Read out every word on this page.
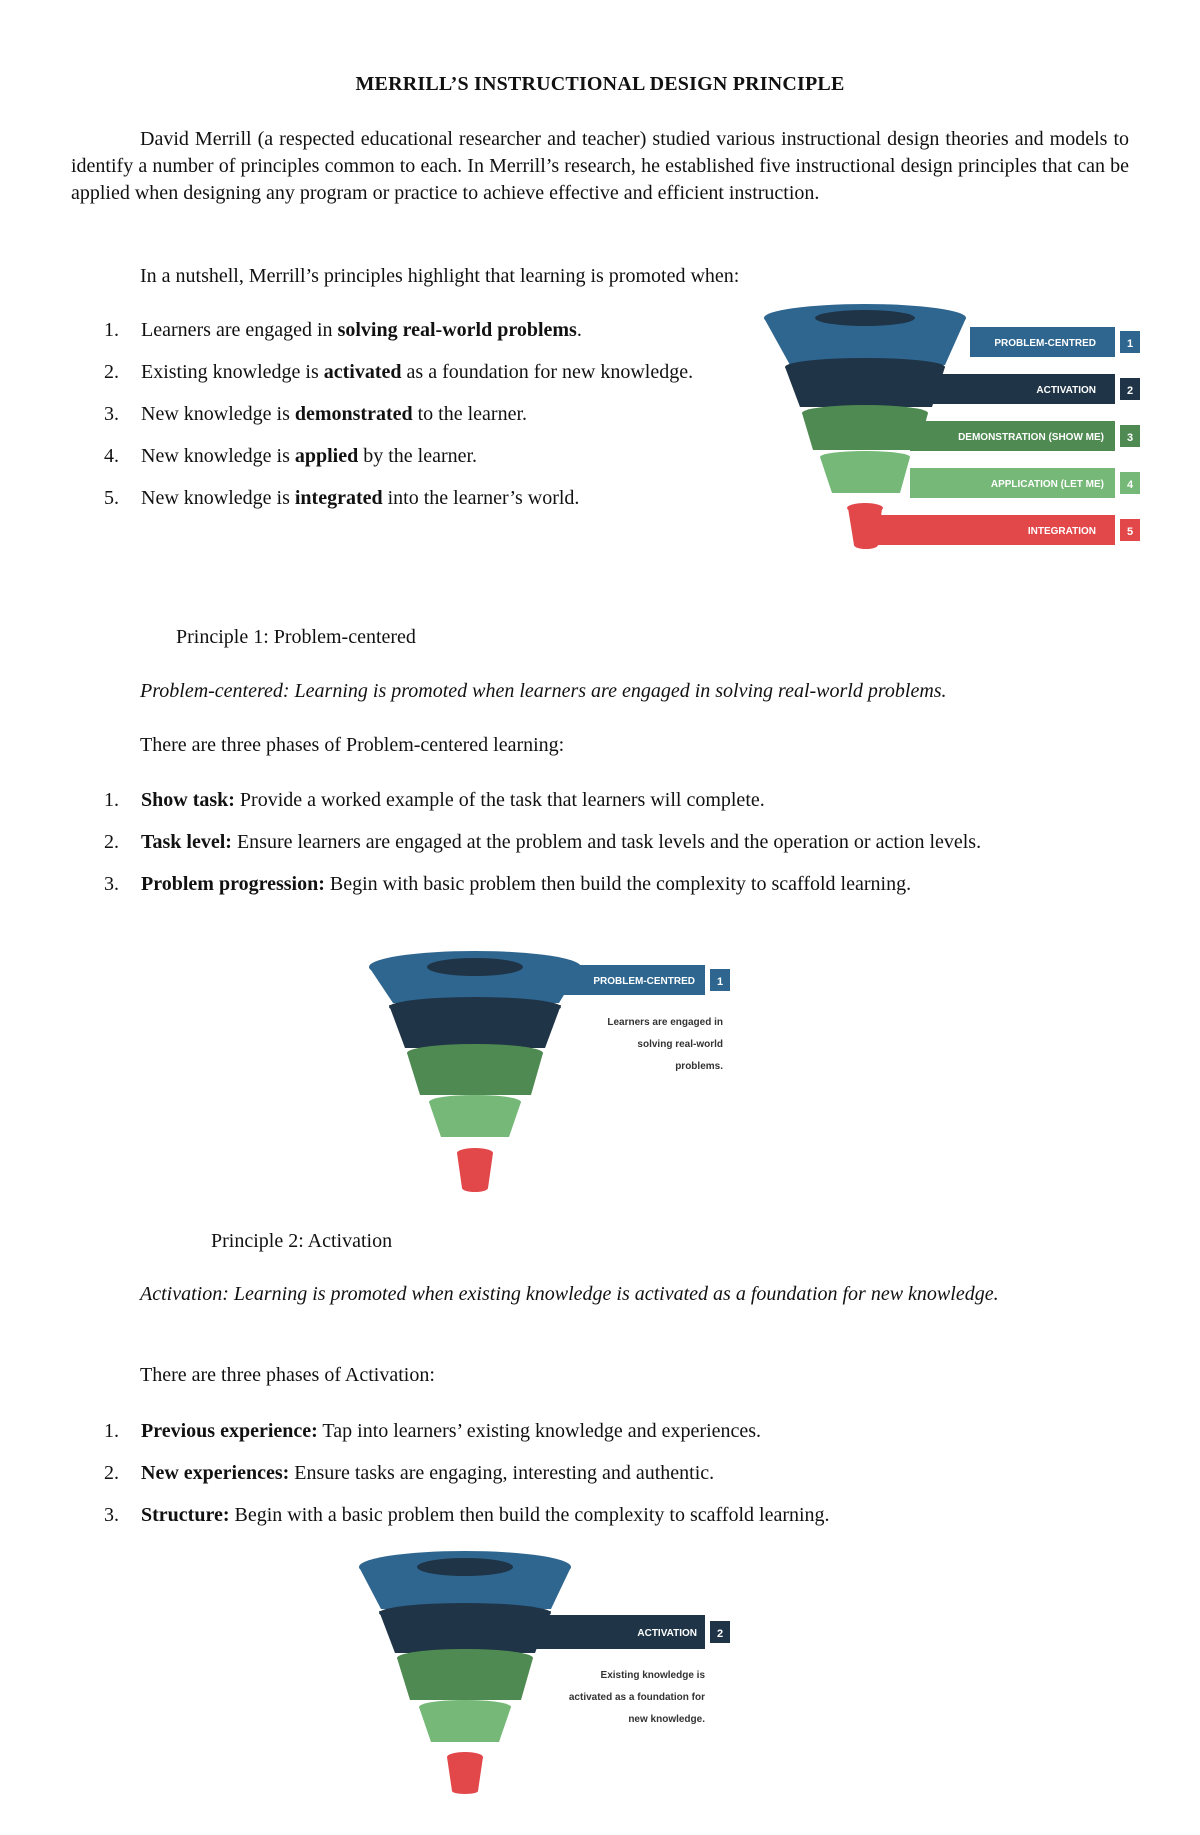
MERRILL’S INSTRUCTIONAL DESIGN PRINCIPLE
David Merrill (a respected educational researcher and teacher) studied various instructional design theories and models to identify a number of principles common to each. In Merrill’s research, he established five instructional design principles that can be applied when designing any program or practice to achieve effective and efficient instruction.
In a nutshell, Merrill’s principles highlight that learning is promoted when:
1. Learners are engaged in solving real-world problems.
2. Existing knowledge is activated as a foundation for new knowledge.
3. New knowledge is demonstrated to the learner.
4. New knowledge is applied by the learner.
5. New knowledge is integrated into the learner’s world.
PROBLEM-CENTRED	1
ACTIVATION	2
DEMONSTRATION (SHOW ME) 3
APPLICATION (LET ME) 4
INTEGRATION	5
Principle 1: Problem-centered
Problem-centered: Learning is promoted when learners are engaged in solving real-world problems.
There are three phases of Problem-centered learning:
1. Show task: Provide a worked example of the task that learners will complete.
2. Task level: Ensure learners are engaged at the problem and task levels and the operation or action levels.
3. Problem progression: Begin with basic problem then build the complexity to scaffold learning.
PROBLEM-CENTRED 1
Learners are engaged in
solving real-world
problems.
Principle 2: Activation
Activation: Learning is promoted when existing knowledge is activated as a foundation for new knowledge.
There are three phases of Activation:
1. Previous experience: Tap into learners’ existing knowledge and experiences.
2. New experiences: Ensure tasks are engaging, interesting and authentic.
3. Structure: Begin with a basic problem then build the complexity to scaffold learning.
ACTIVATION 2
Existing knowledge is
activated as a foundation for
new knowledge.
